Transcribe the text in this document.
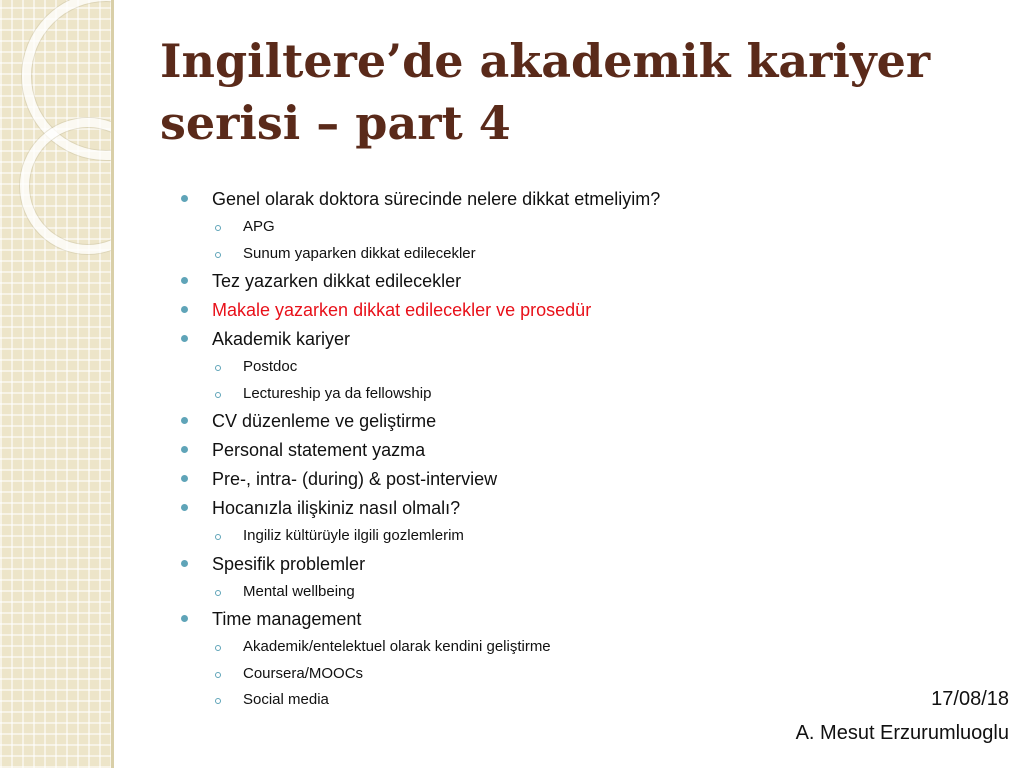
Ingiltere’de akademik kariyer
serisi – part 4
Genel olarak doktora sürecinde nelere dikkat etmeliyim?
APG
Sunum yaparken dikkat edilecekler
Tez yazarken dikkat edilecekler
Makale yazarken dikkat edilecekler ve prosedür
Akademik kariyer
Postdoc
Lectureship ya da fellowship
CV düzenleme ve geliştirme
Personal statement yazma
Pre-, intra- (during) & post-interview
Hocanızla ilişkiniz nasıl olmalı?
Ingiliz kültürüyle ilgili gozlemlerim
Spesifik problemler
Mental wellbeing
Time management
Akademik/entelektuel olarak kendini geliştirme
Coursera/MOOCs
Social media	17/08/18
A. Mesut Erzurumluoglu
